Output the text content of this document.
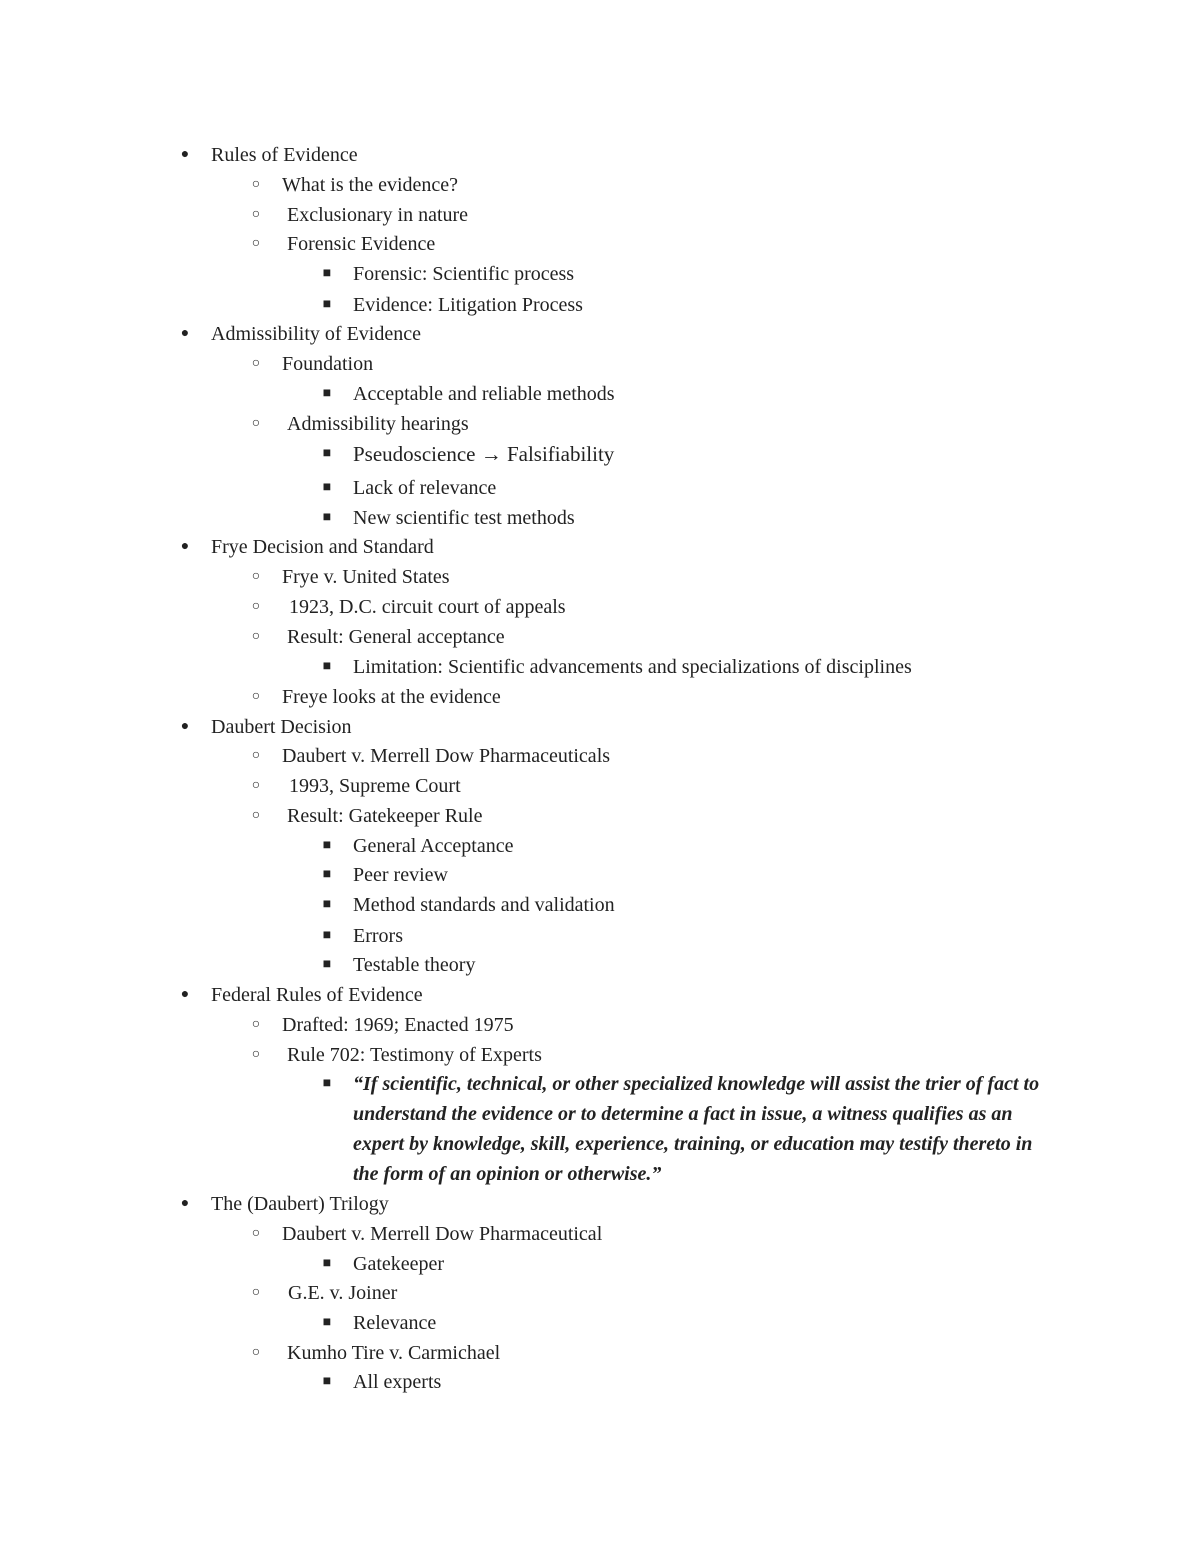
● Rules of Evidence
○ What is the evidence?
○ Exclusionary in nature
○ Forensic Evidence
■ Forensic: Scientific process
■ Evidence: Litigation Process
● Admissibility of Evidence
○ Foundation
■ Acceptable and reliable methods
○ Admissibility hearings
■ Pseudoscience → Falsifiability
■ Lack of relevance
■ New scientific test methods
● Frye Decision and Standard
○ Frye v. United States
○ 1923, D.C. circuit court of appeals
○ Result: General acceptance
■ Limitation: Scientific advancements and specializations of disciplines
○ Freye looks at the evidence
● Daubert Decision
○ Daubert v. Merrell Dow Pharmaceuticals
○ 1993, Supreme Court
○ Result: Gatekeeper Rule
■ General Acceptance
■ Peer review
■ Method standards and validation
■ Errors
■ Testable theory
● Federal Rules of Evidence
○ Drafted: 1969; Enacted 1975
○ Rule 702: Testimony of Experts
■ “If scientific, technical, or other specialized knowledge will assist the trier of fact to understand the evidence or to determine a fact in issue, a witness qualifies as an expert by knowledge, skill, experience, training, or education may testify thereto in the form of an opinion or otherwise.”
● The (Daubert) Trilogy
○ Daubert v. Merrell Dow Pharmaceutical
■ Gatekeeper
○ G.E. v. Joiner
■ Relevance
○ Kumho Tire v. Carmichael
■ All experts
